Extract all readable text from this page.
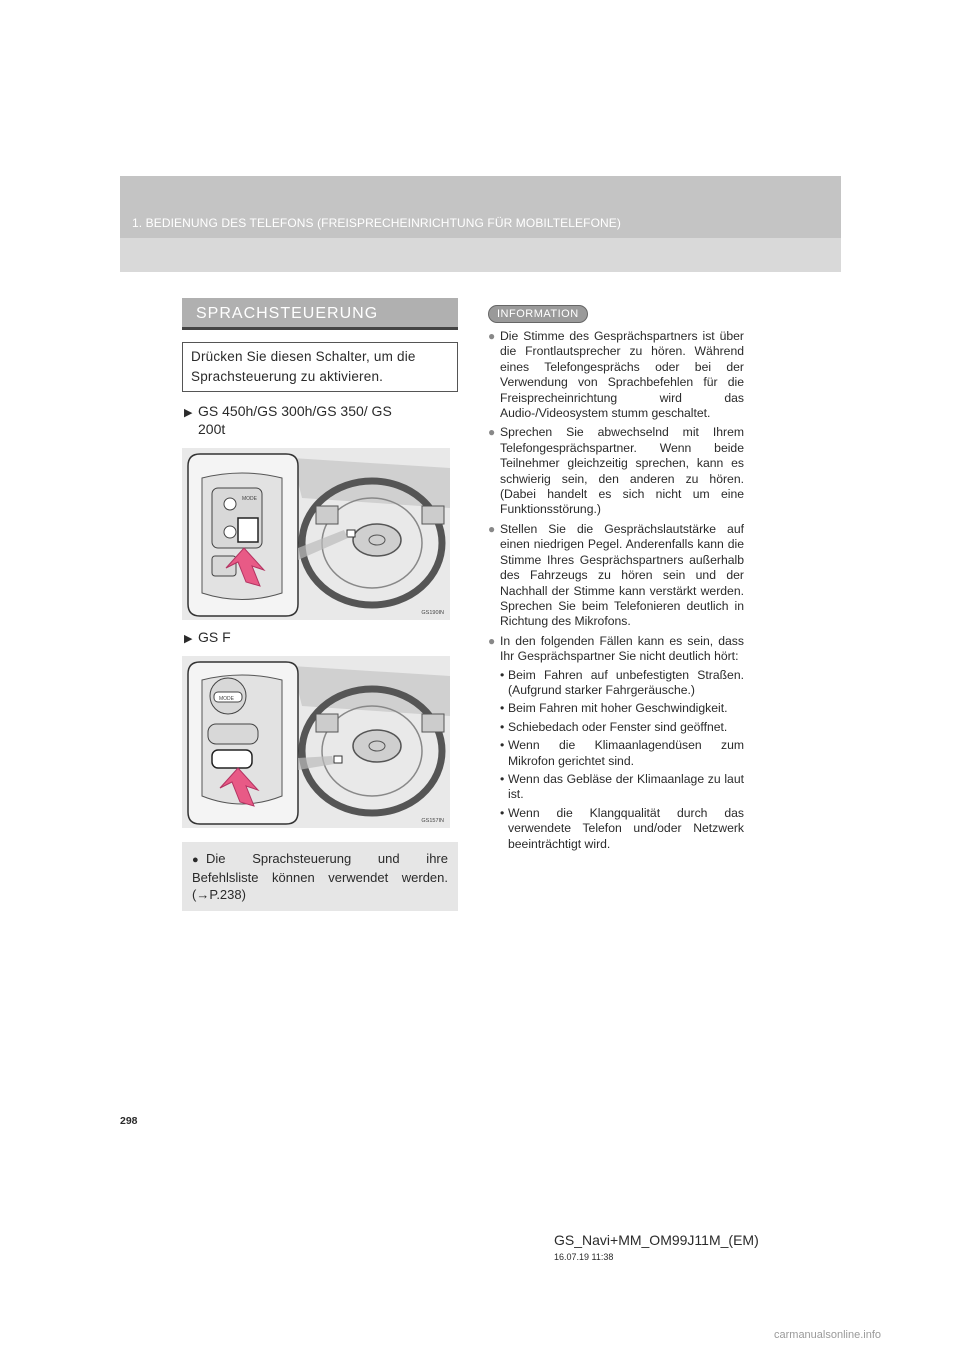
1. BEDIENUNG DES TELEFONS (FREISPRECHEINRICHTUNG FÜR MOBILTELEFONE)
SPRACHSTEUERUNG
Drücken Sie diesen Schalter, um die Sprachsteuerung zu aktivieren.
▶ GS 450h/GS 300h/GS 350/ GS 200t
MODE
GS190IN
▶ GS F
MODE
GS157IN
● Die Sprachsteuerung und ihre Befehlsliste können verwendet werden. (→P.238)
INFORMATION
● Die Stimme des Gesprächspartners ist über die Frontlautsprecher zu hören. Während eines Telefongesprächs oder bei der Verwendung von Sprachbefehlen für die Freisprecheinrichtung wird das Audio-/Videosystem stumm geschaltet.
● Sprechen Sie abwechselnd mit Ihrem Telefongesprächspartner. Wenn beide Teilnehmer gleichzeitig sprechen, kann es schwierig sein, den anderen zu hören. (Dabei handelt es sich nicht um eine Funktionsstörung.)
● Stellen Sie die Gesprächslautstärke auf einen niedrigen Pegel. Anderenfalls kann die Stimme Ihres Gesprächspartners außerhalb des Fahrzeugs zu hören sein und der Nachhall der Stimme kann verstärkt werden. Sprechen Sie beim Telefonieren deutlich in Richtung des Mikrofons.
● In den folgenden Fällen kann es sein, dass Ihr Gesprächspartner Sie nicht deutlich hört:
• Beim Fahren auf unbefestigten Straßen. (Aufgrund starker Fahrgeräusche.)
• Beim Fahren mit hoher Geschwindigkeit.
• Schiebedach oder Fenster sind geöffnet.
• Wenn die Klimaanlagendüsen zum Mikrofon gerichtet sind.
• Wenn das Gebläse der Klimaanlage zu laut ist.
• Wenn die Klangqualität durch das verwendete Telefon und/oder Netzwerk beeinträchtigt wird.
298
GS_Navi+MM_OM99J11M_(EM)
16.07.19 11:38
carmanualsonline.info
